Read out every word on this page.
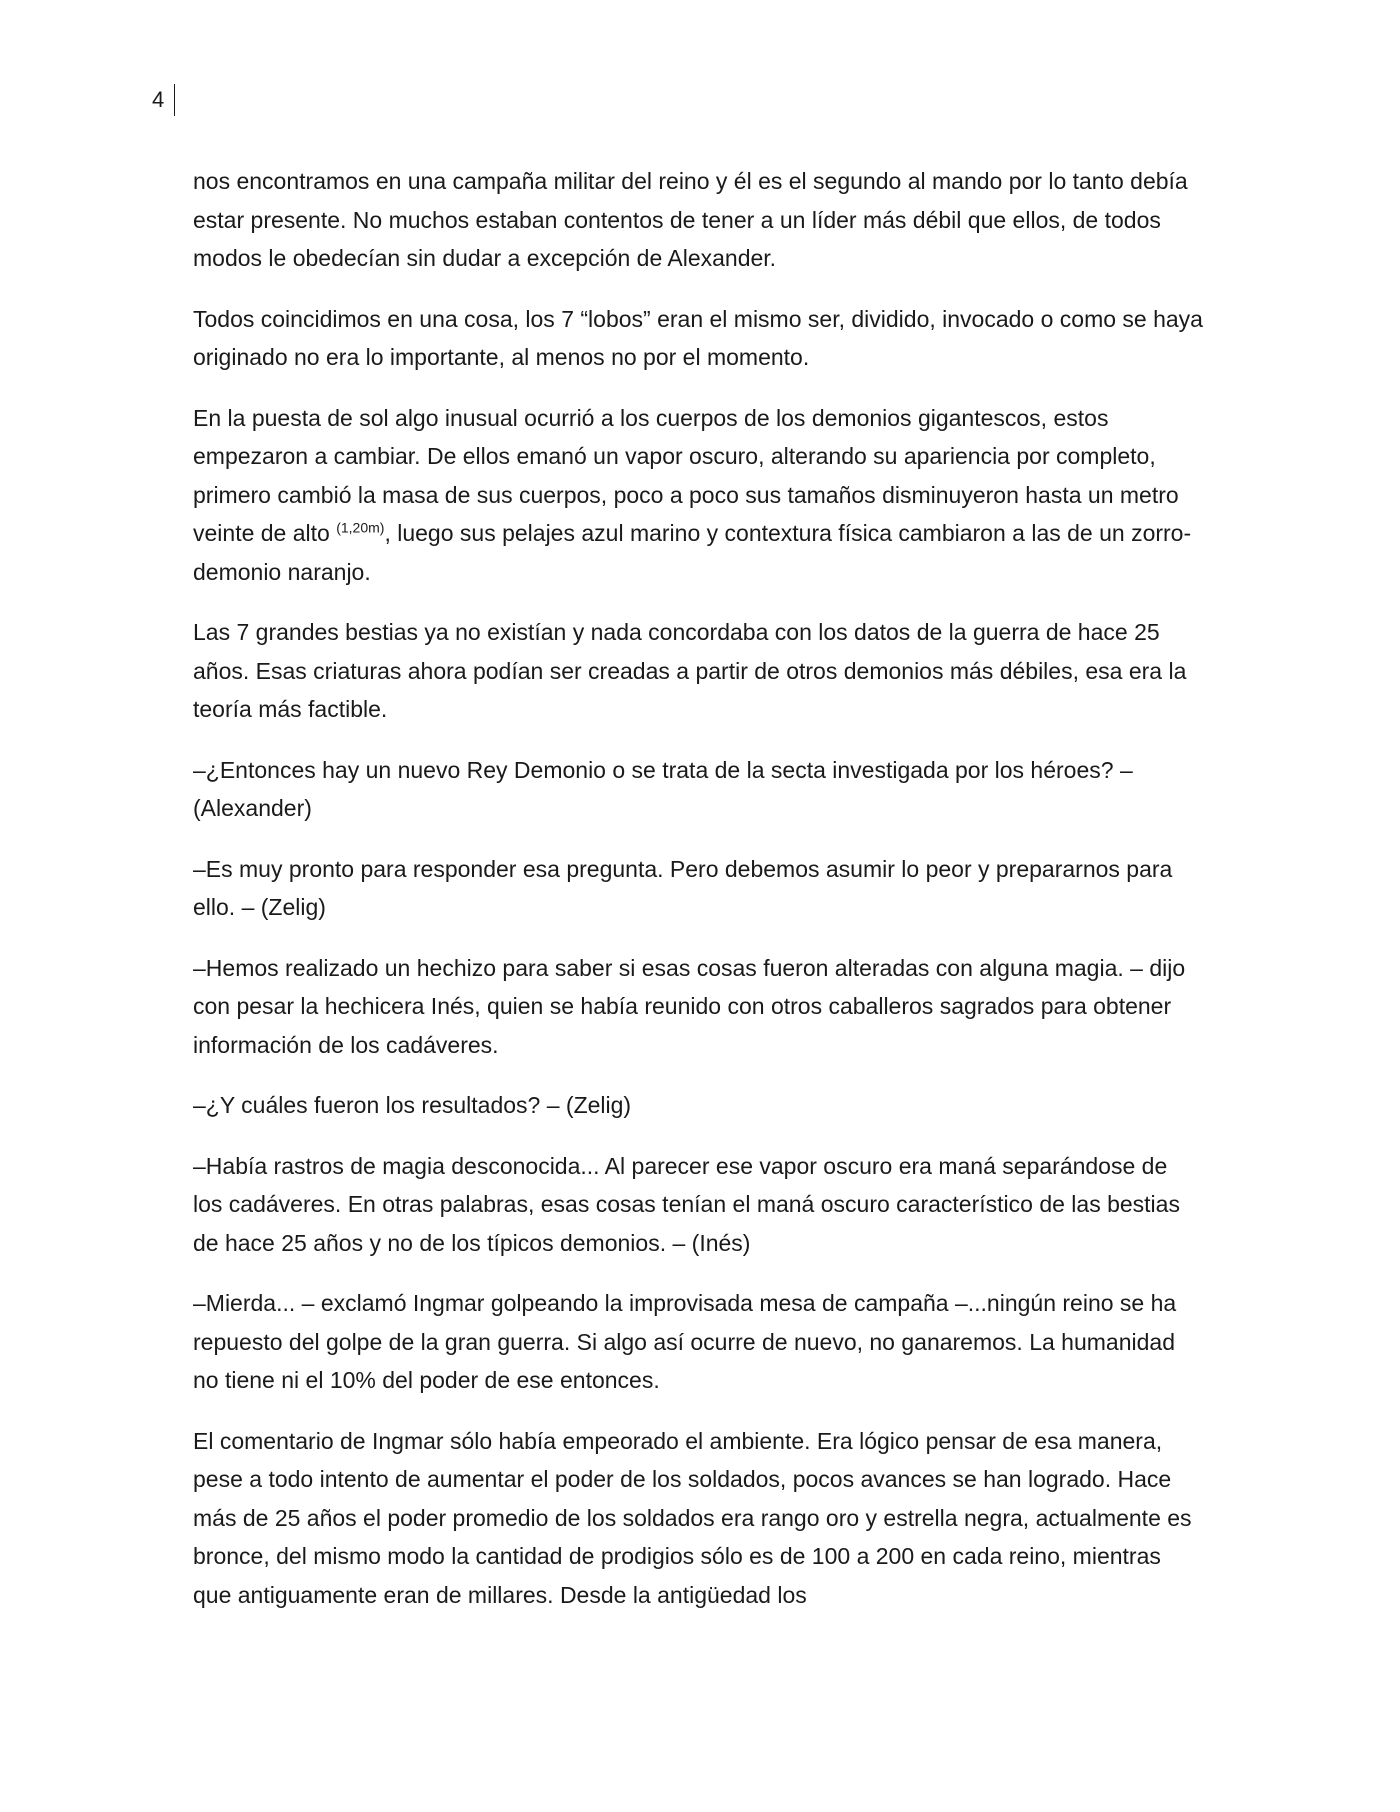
4

nos encontramos en una campaña militar del reino y él es el segundo al mando por lo tanto debía estar presente. No muchos estaban contentos de tener a un líder más débil que ellos, de todos modos le obedecían sin dudar a excepción de Alexander.

Todos coincidimos en una cosa, los 7 “lobos” eran el mismo ser, dividido, invocado o como se haya originado no era lo importante, al menos no por el momento.

En la puesta de sol algo inusual ocurrió a los cuerpos de los demonios gigantescos, estos empezaron a cambiar. De ellos emanó un vapor oscuro, alterando su apariencia por completo, primero cambió la masa de sus cuerpos, poco a poco sus tamaños disminuyeron hasta un metro veinte de alto $^{(1,20m)}$, luego sus pelajes azul marino y contextura física cambiaron a las de un zorro-demonio naranjo.

Las 7 grandes bestias ya no existían y nada concordaba con los datos de la guerra de hace 25 años. Esas criaturas ahora podían ser creadas a partir de otros demonios más débiles, esa era la teoría más factible.

–¿Entonces hay un nuevo Rey Demonio o se trata de la secta investigada por los héroes? – (Alexander)

–Es muy pronto para responder esa pregunta. Pero debemos asumir lo peor y prepararnos para ello. – (Zelig)

–Hemos realizado un hechizo para saber si esas cosas fueron alteradas con alguna magia. – dijo con pesar la hechicera Inés, quien se había reunido con otros caballeros sagrados para obtener información de los cadáveres.

–¿Y cuáles fueron los resultados? – (Zelig)

–Había rastros de magia desconocida... Al parecer ese vapor oscuro era maná separándose de los cadáveres. En otras palabras, esas cosas tenían el maná oscuro característico de las bestias de hace 25 años y no de los típicos demonios. – (Inés)

–Mierda... – exclamó Ingmar golpeando la improvisada mesa de campaña –...ningún reino se ha repuesto del golpe de la gran guerra. Si algo así ocurre de nuevo, no ganaremos. La humanidad no tiene ni el 10% del poder de ese entonces.

El comentario de Ingmar sólo había empeorado el ambiente. Era lógico pensar de esa manera, pese a todo intento de aumentar el poder de los soldados, pocos avances se han logrado. Hace más de 25 años el poder promedio de los soldados era rango oro y estrella negra, actualmente es bronce, del mismo modo la cantidad de prodigios sólo es de 100 a 200 en cada reino, mientras que antiguamente eran de millares. Desde la antigüedad los
